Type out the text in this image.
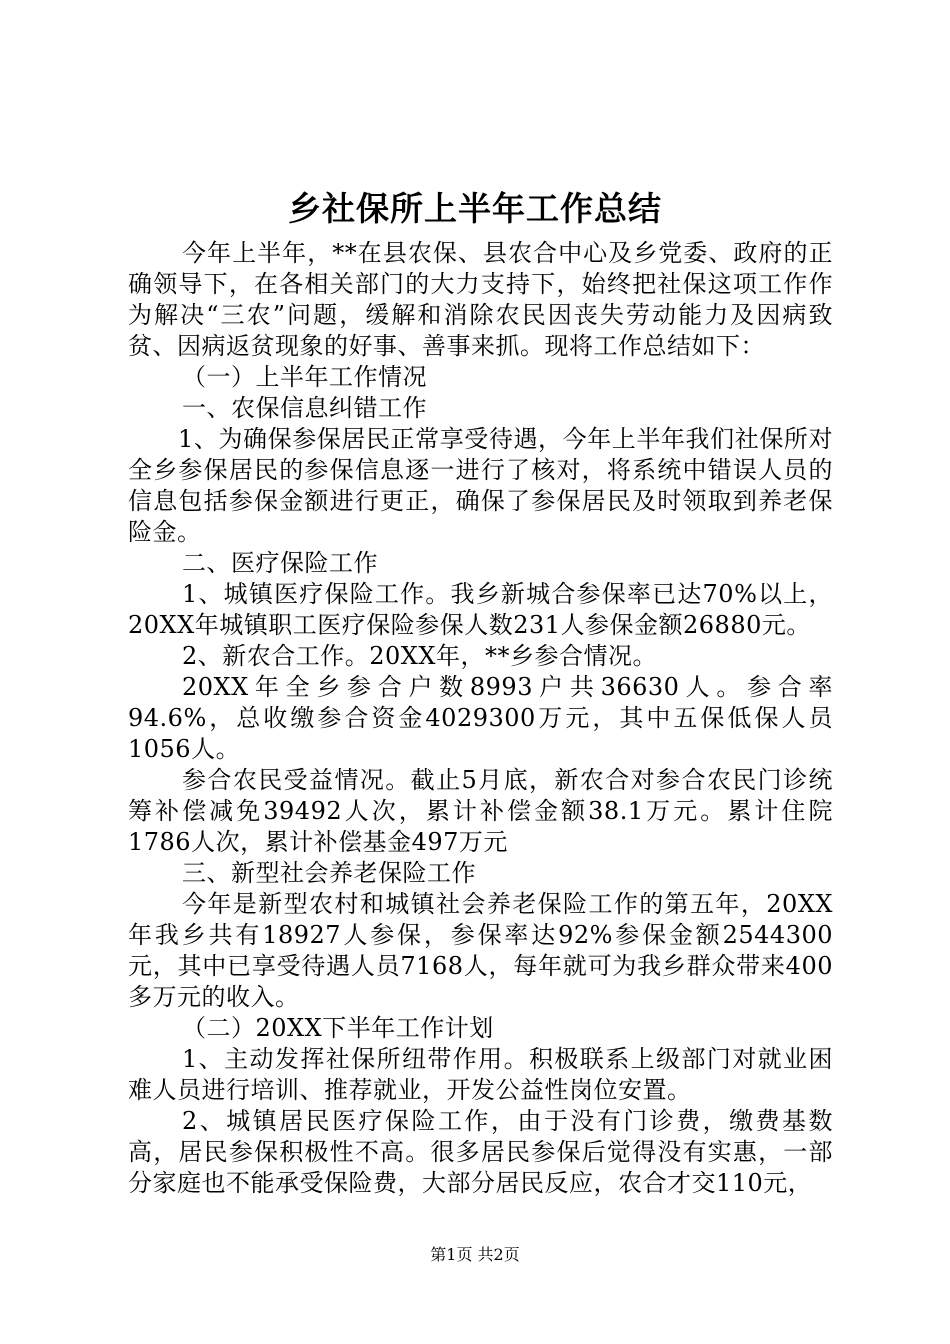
乡社保所上半年工作总结

今年上半年，**在县农保、县农合中心及乡党委、政府的正确领导下，在各相关部门的大力支持下，始终把社保这项工作作为解决“三农”问题，缓解和消除农民因丧失劳动能力及因病致贫、因病返贫现象的好事、善事来抓。现将工作总结如下：

（一）上半年工作情况

一、农保信息纠错工作

1、为确保参保居民正常享受待遇，今年上半年我们社保所对全乡参保居民的参保信息逐一进行了核对，将系统中错误人员的信息包括参保金额进行更正，确保了参保居民及时领取到养老保险金。

二、医疗保险工作

1、城镇医疗保险工作。我乡新城合参保率已达70%以上，20XX年城镇职工医疗保险参保人数231人参保金额26880元。

2、新农合工作。20XX年，**乡参合情况。

20XX年全乡参合户数8993户共36630人。参合率94.6%，总收缴参合资金4029300万元，其中五保低保人员1056人。

参合农民受益情况。截止5月底，新农合对参合农民门诊统筹补偿减免39492人次，累计补偿金额38.1万元。累计住院1786人次，累计补偿基金497万元

三、新型社会养老保险工作

今年是新型农村和城镇社会养老保险工作的第五年，20XX年我乡共有18927人参保，参保率达92%参保金额2544300元，其中已享受待遇人员7168人，每年就可为我乡群众带来400多万元的收入。

（二）20XX下半年工作计划

1、主动发挥社保所纽带作用。积极联系上级部门对就业困难人员进行培训、推荐就业，开发公益性岗位安置。

2、城镇居民医疗保险工作，由于没有门诊费，缴费基数高，居民参保积极性不高。很多居民参保后觉得没有实惠，一部分家庭也不能承受保险费，大部分居民反应，农合才交110元，

第1页 共2页
